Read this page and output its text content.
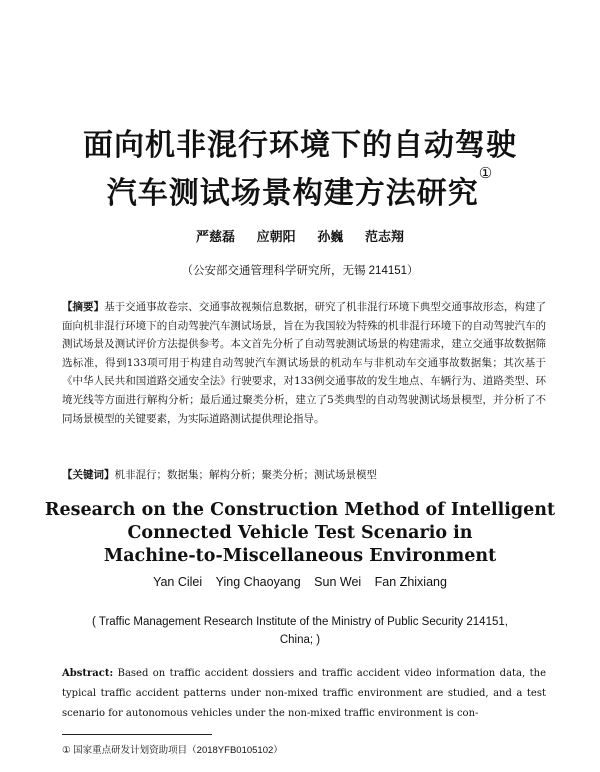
面向机非混行环境下的自动驾驶
汽车测试场景构建方法研究①
严慈磊 应朝阳 孙巍 范志翔
（公安部交通管理科学研究所，无锡 214151）
【摘要】基于交通事故卷宗、交通事故视频信息数据，研究了机非混行环境下典型交通事故形态，构建了面向机非混行环境下的自动驾驶汽车测试场景，旨在为我国较为特殊的机非混行环境下的自动驾驶汽车的测试场景及测试评价方法提供参考。本文首先分析了自动驾驶测试场景的构建需求，建立交通事故数据筛选标准，得到133项可用于构建自动驾驶汽车测试场景的机动车与非机动车交通事故数据集；其次基于《中华人民共和国道路交通安全法》行驶要求，对133例交通事故的发生地点、车辆行为、道路类型、环境光线等方面进行解构分析；最后通过聚类分析，建立了5类典型的自动驾驶测试场景模型，并分析了不同场景模型的关键要素，为实际道路测试提供理论指导。
【关键词】机非混行；数据集；解构分析；聚类分析；测试场景模型
Research on the Construction Method of Intelligent
Connected Vehicle Test Scenario in
Machine-to-Miscellaneous Environment
Yan Cilei Ying Chaoyang Sun Wei Fan Zhixiang
( Traffic Management Research Institute of the Ministry of Public Security 214151, China; )
Abstract: Based on traffic accident dossiers and traffic accident video information data, the typical traffic accident patterns under non-mixed traffic environment are studied, and a test scenario for autonomous vehicles under the non-mixed traffic environment is con-
① 国家重点研发计划资助项目（2018YFB0105102）
